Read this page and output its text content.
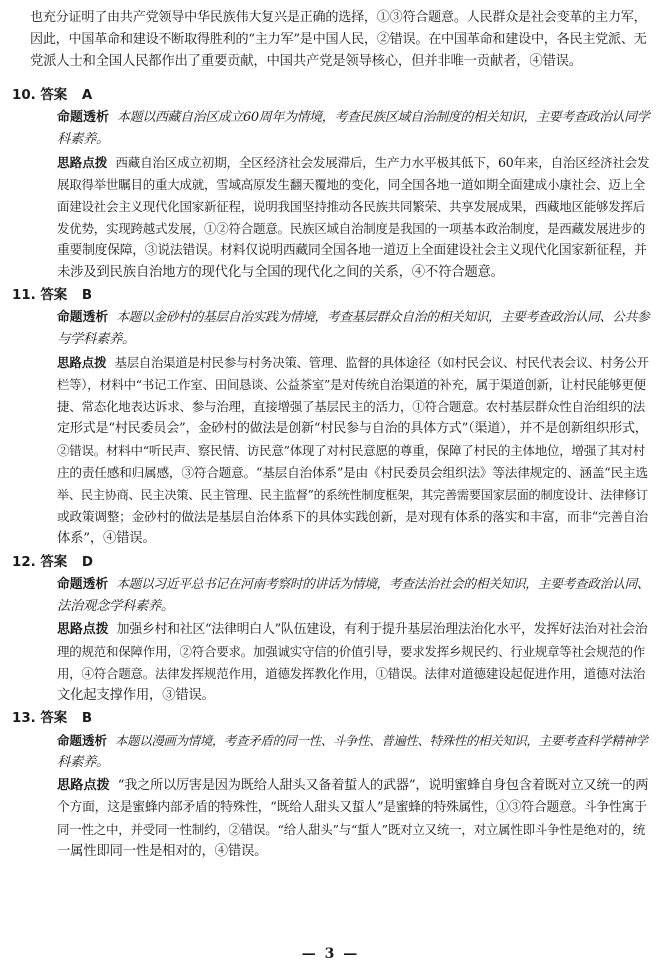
也充分证明了由共产党领导中华民族伟大复兴是正确的选择，①③符合题意。人民群众是社会变革的主力军，
因此，中国革命和建设不断取得胜利的“主力军”是中国人民，②错误。在中国革命和建设中，各民主党派、无
党派人士和全国人民都作出了重要贡献，中国共产党是领导核心，但并非唯一贡献者，④错误。
10. 答案 A
命题透析 本题以西藏自治区成立60周年为情境，考查民族区域自治制度的相关知识，主要考查政治认同学
科素养。
思路点拨 西藏自治区成立初期，全区经济社会发展滞后，生产力水平极其低下，60年来，自治区经济社会发
展取得举世瞩目的重大成就，雪域高原发生翻天覆地的变化，同全国各地一道如期全面建成小康社会、迈上全
面建设社会主义现代化国家新征程，说明我国坚持推动各民族共同繁荣、共享发展成果，西藏地区能够发挥后
发优势，实现跨越式发展，①②符合题意。民族区域自治制度是我国的一项基本政治制度，是西藏发展进步的
重要制度保障，③说法错误。材料仅说明西藏同全国各地一道迈上全面建设社会主义现代化国家新征程，并
未涉及到民族自治地方的现代化与全国的现代化之间的关系，④不符合题意。
11. 答案 B
命题透析 本题以金砂村的基层自治实践为情境，考查基层群众自治的相关知识，主要考查政治认同、公共参
与学科素养。
思路点拨 基层自治渠道是村民参与村务决策、管理、监督的具体途径（如村民会议、村民代表会议、村务公开
栏等），材料中“书记工作室、田间恳谈、公益茶室”是对传统自治渠道的补充，属于渠道创新，让村民能够更便
捷、常态化地表达诉求、参与治理，直接增强了基层民主的活力，①符合题意。农村基层群众性自治组织的法
定形式是“村民委员会”，金砂村的做法是创新“村民参与自治的具体方式”（渠道），并不是创新组织形式，
②错误。材料中“听民声、察民情、访民意”体现了对村民意愿的尊重，保障了村民的主体地位，增强了其对村
庄的责任感和归属感，③符合题意。“基层自治体系”是由《村民委员会组织法》等法律规定的、涵盖“民主选
举、民主协商、民主决策、民主管理、民主监督”的系统性制度框架，其完善需要国家层面的制度设计、法律修订
或政策调整；金砂村的做法是基层自治体系下的具体实践创新，是对现有体系的落实和丰富，而非“完善自治
体系”，④错误。
12. 答案 D
命题透析 本题以习近平总书记在河南考察时的讲话为情境，考查法治社会的相关知识，主要考查政治认同、
法治观念学科素养。
思路点拨 加强乡村和社区“法律明白人”队伍建设，有利于提升基层治理法治化水平，发挥好法治对社会治
理的规范和保障作用，②符合要求。加强诚实守信的价值引导，要求发挥乡规民约、行业规章等社会规范的作
用，④符合题意。法律发挥规范作用，道德发挥教化作用，①错误。法律对道德建设起促进作用，道德对法治
文化起支撑作用，③错误。
13. 答案 B
命题透析 本题以漫画为情境，考查矛盾的同一性、斗争性、普遍性、特殊性的相关知识，主要考查科学精神学
科素养。
思路点拨 “我之所以厉害是因为既给人甜头又备着蜇人的武器”，说明蜜蜂自身包含着既对立又统一的两
个方面，这是蜜蜂内部矛盾的特殊性，“既给人甜头又蜇人”是蜜蜂的特殊属性，①③符合题意。斗争性寓于
同一性之中，并受同一性制约，②错误。“给人甜头”与“蜇人”既对立又统一，对立属性即斗争性是绝对的，统
一属性即同一性是相对的，④错误。
— 3 —
